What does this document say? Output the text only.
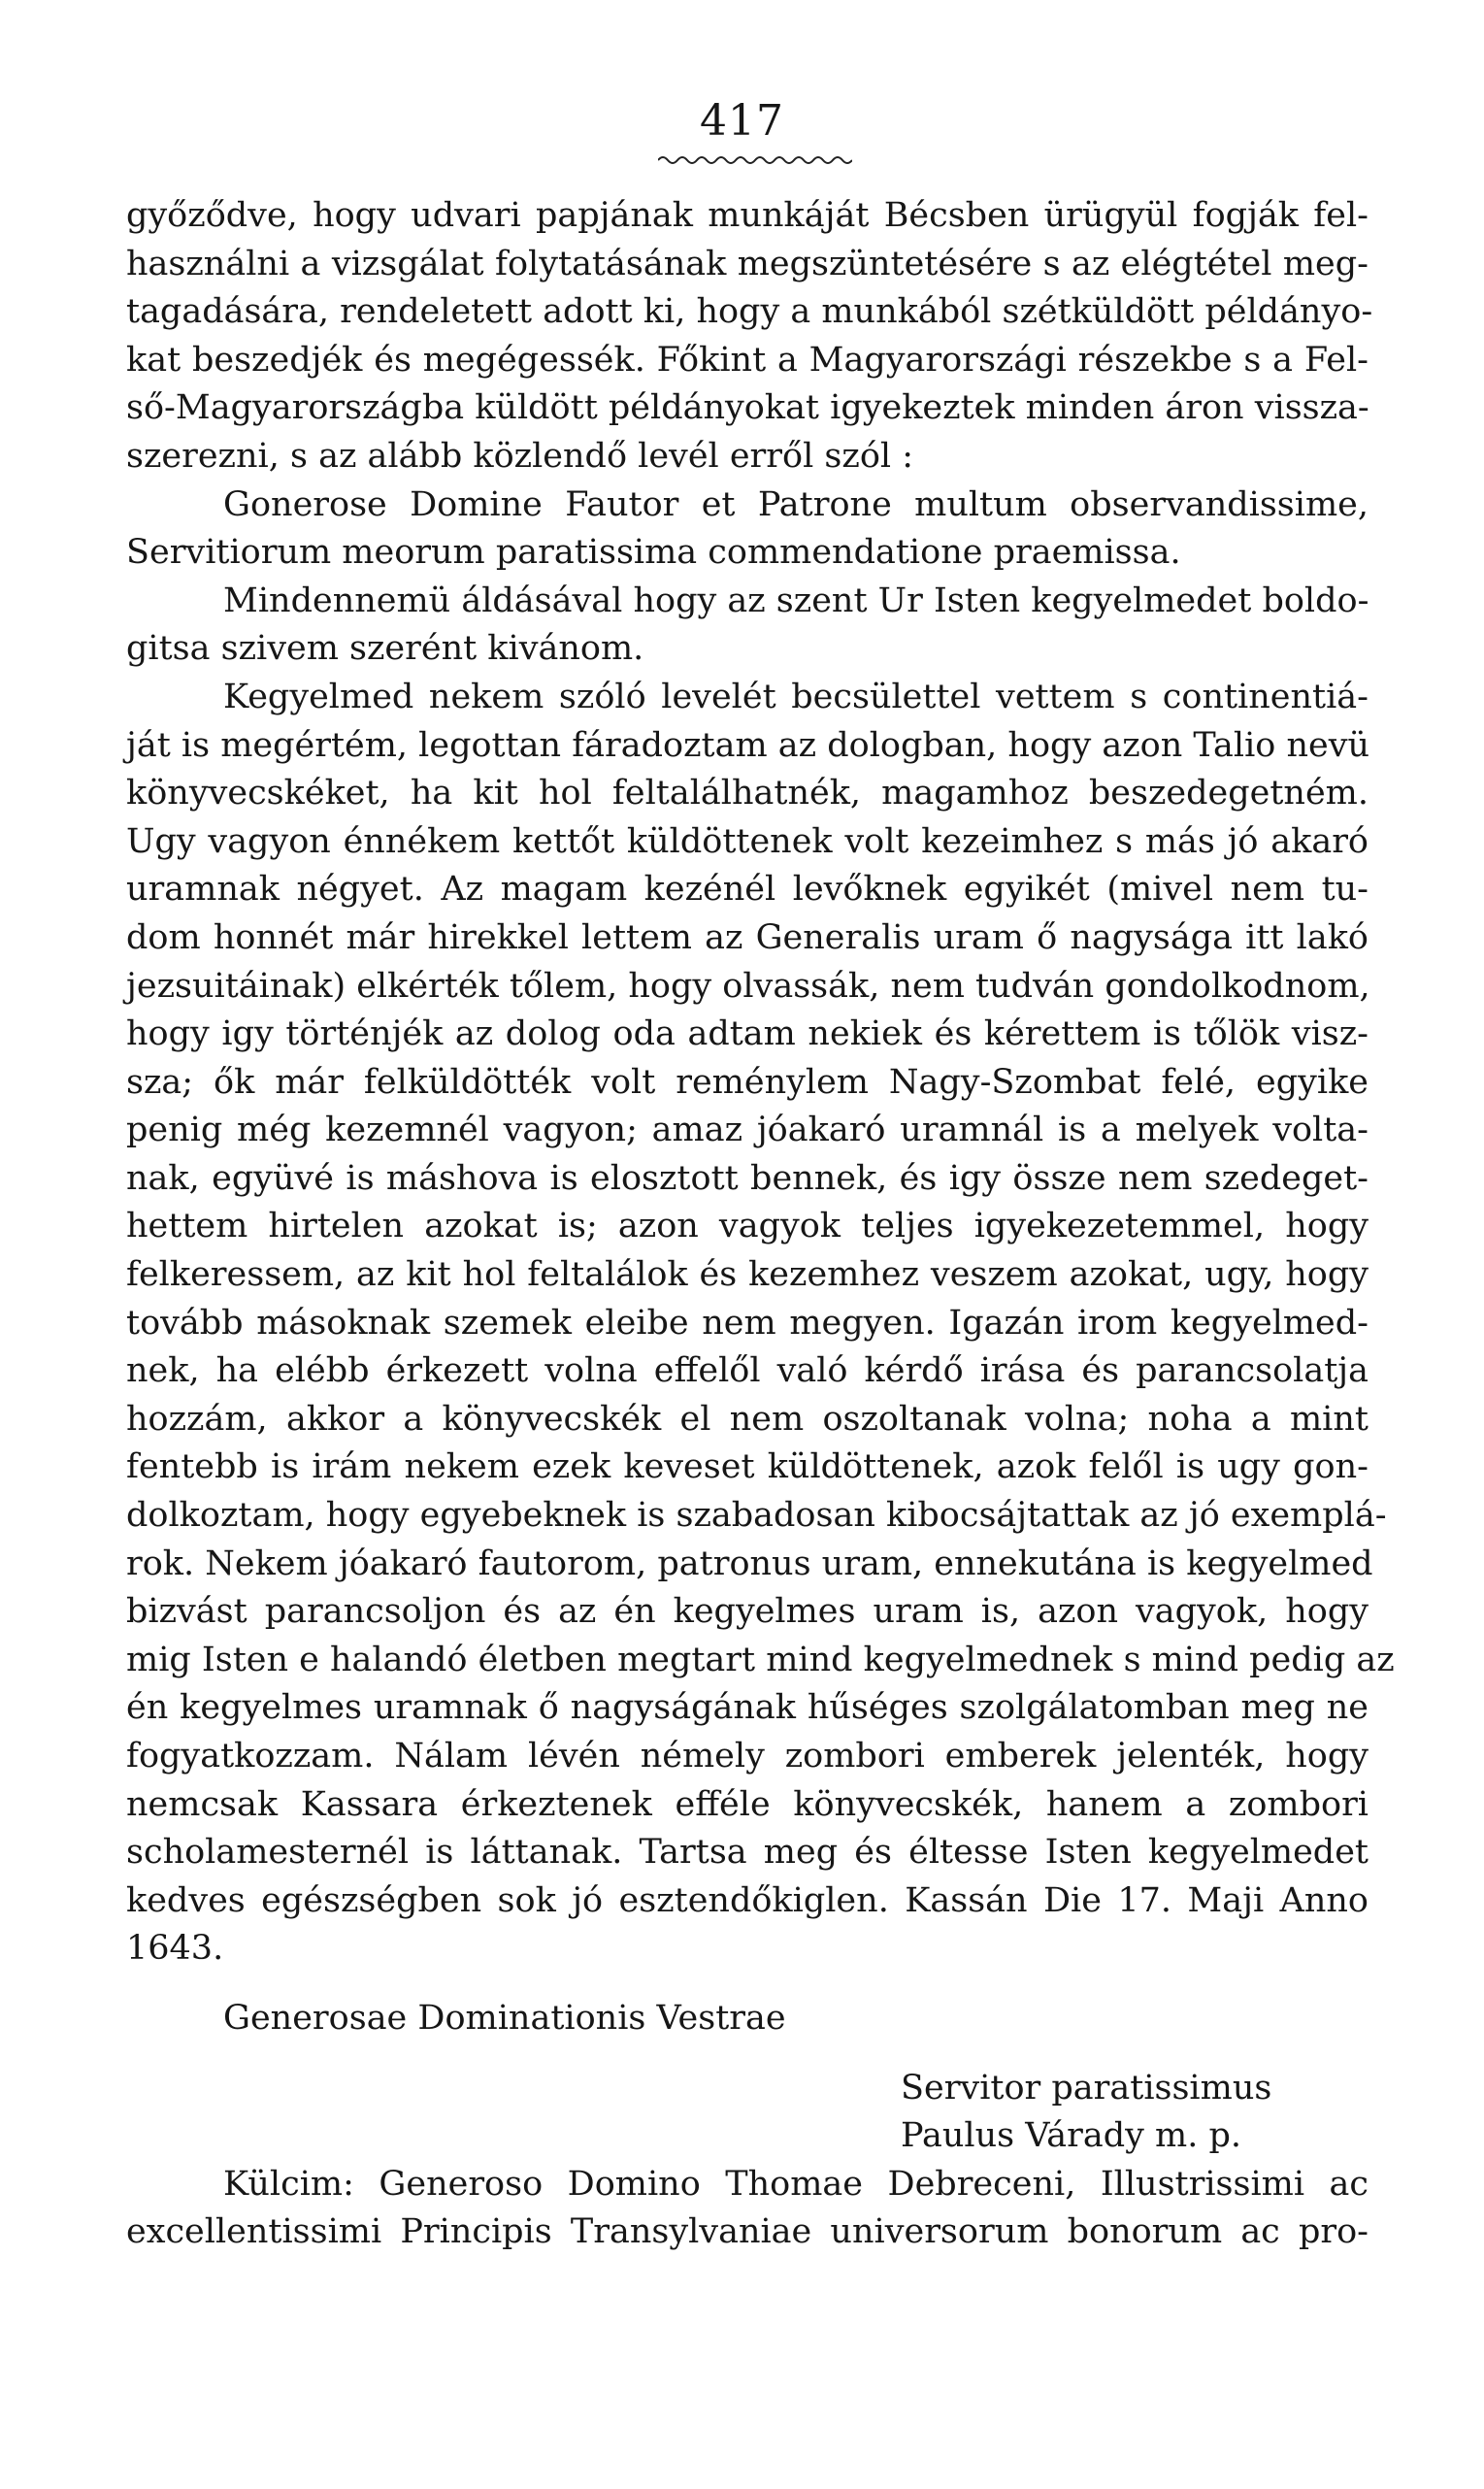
417
győződve, hogy udvari papjának munkáját Bécsben ürügyül fogják fel-
használni a vizsgálat folytatásának megszüntetésére s az elégtétel meg-
tagadására, rendeletett adott ki, hogy a munkából szétküldött példányo-
kat beszedjék és megégessék. Főkint a Magyarországi részekbe s a Fel-
ső-Magyarországba küldött példányokat igyekeztek minden áron vissza-
szerezni, s az alább közlendő levél erről szól :
Gonerose Domine Fautor et Patrone multum observandissime,
Servitiorum meorum paratissima commendatione praemissa.
Mindennemü áldásával hogy az szent Ur Isten kegyelmedet boldo-
gitsa szivem szerént kivánom.
Kegyelmed nekem szóló levelét becsülettel vettem s continentiá-
ját is megértém, legottan fáradoztam az dologban, hogy azon Talio nevü
könyvecskéket, ha kit hol feltalálhatnék, magamhoz beszedegetném.
Ugy vagyon énnékem kettőt küldöttenek volt kezeimhez s más jó akaró
uramnak négyet. Az magam kezénél levőknek egyikét (mivel nem tu-
dom honnét már hirekkel lettem az Generalis uram ő nagysága itt lakó
jezsuitáinak) elkérték tőlem, hogy olvassák, nem tudván gondolkodnom,
hogy igy történjék az dolog oda adtam nekiek és kérettem is tőlök visz-
sza; ők már felküldötték volt reménylem Nagy-Szombat felé, egyike
penig még kezemnél vagyon; amaz jóakaró uramnál is a melyek volta-
nak, együvé is máshova is elosztott bennek, és igy össze nem szedeget-
hettem hirtelen azokat is; azon vagyok teljes igyekezetemmel, hogy
felkeressem, az kit hol feltalálok és kezemhez veszem azokat, ugy, hogy
tovább másoknak szemek eleibe nem megyen. Igazán irom kegyelmed-
nek, ha elébb érkezett volna effelől való kérdő irása és parancsolatja
hozzám, akkor a könyvecskék el nem oszoltanak volna; noha a mint
fentebb is irám nekem ezek keveset küldöttenek, azok felől is ugy gon-
dolkoztam, hogy egyebeknek is szabadosan kibocsájtattak az jó exemplá-
rok. Nekem jóakaró fautorom, patronus uram, ennekutána is kegyelmed
bizvást parancsoljon és az én kegyelmes uram is, azon vagyok, hogy
mig Isten e halandó életben megtart mind kegyelmednek s mind pedig az
én kegyelmes uramnak ő nagyságának hűséges szolgálatomban meg ne
fogyatkozzam. Nálam lévén némely zombori emberek jelenték, hogy
nemcsak Kassara érkeztenek efféle könyvecskék, hanem a zombori
scholamesternél is láttanak. Tartsa meg és éltesse Isten kegyelmedet
kedves egészségben sok jó esztendőkiglen. Kassán Die 17. Maji Anno
1643.
Generosae Dominationis Vestrae
Servitor paratissimus
Paulus Várady m. p.
Külcim: Generoso Domino Thomae Debreceni, Illustrissimi ac
excellentissimi Principis Transylvaniae universorum bonorum ac pro-
